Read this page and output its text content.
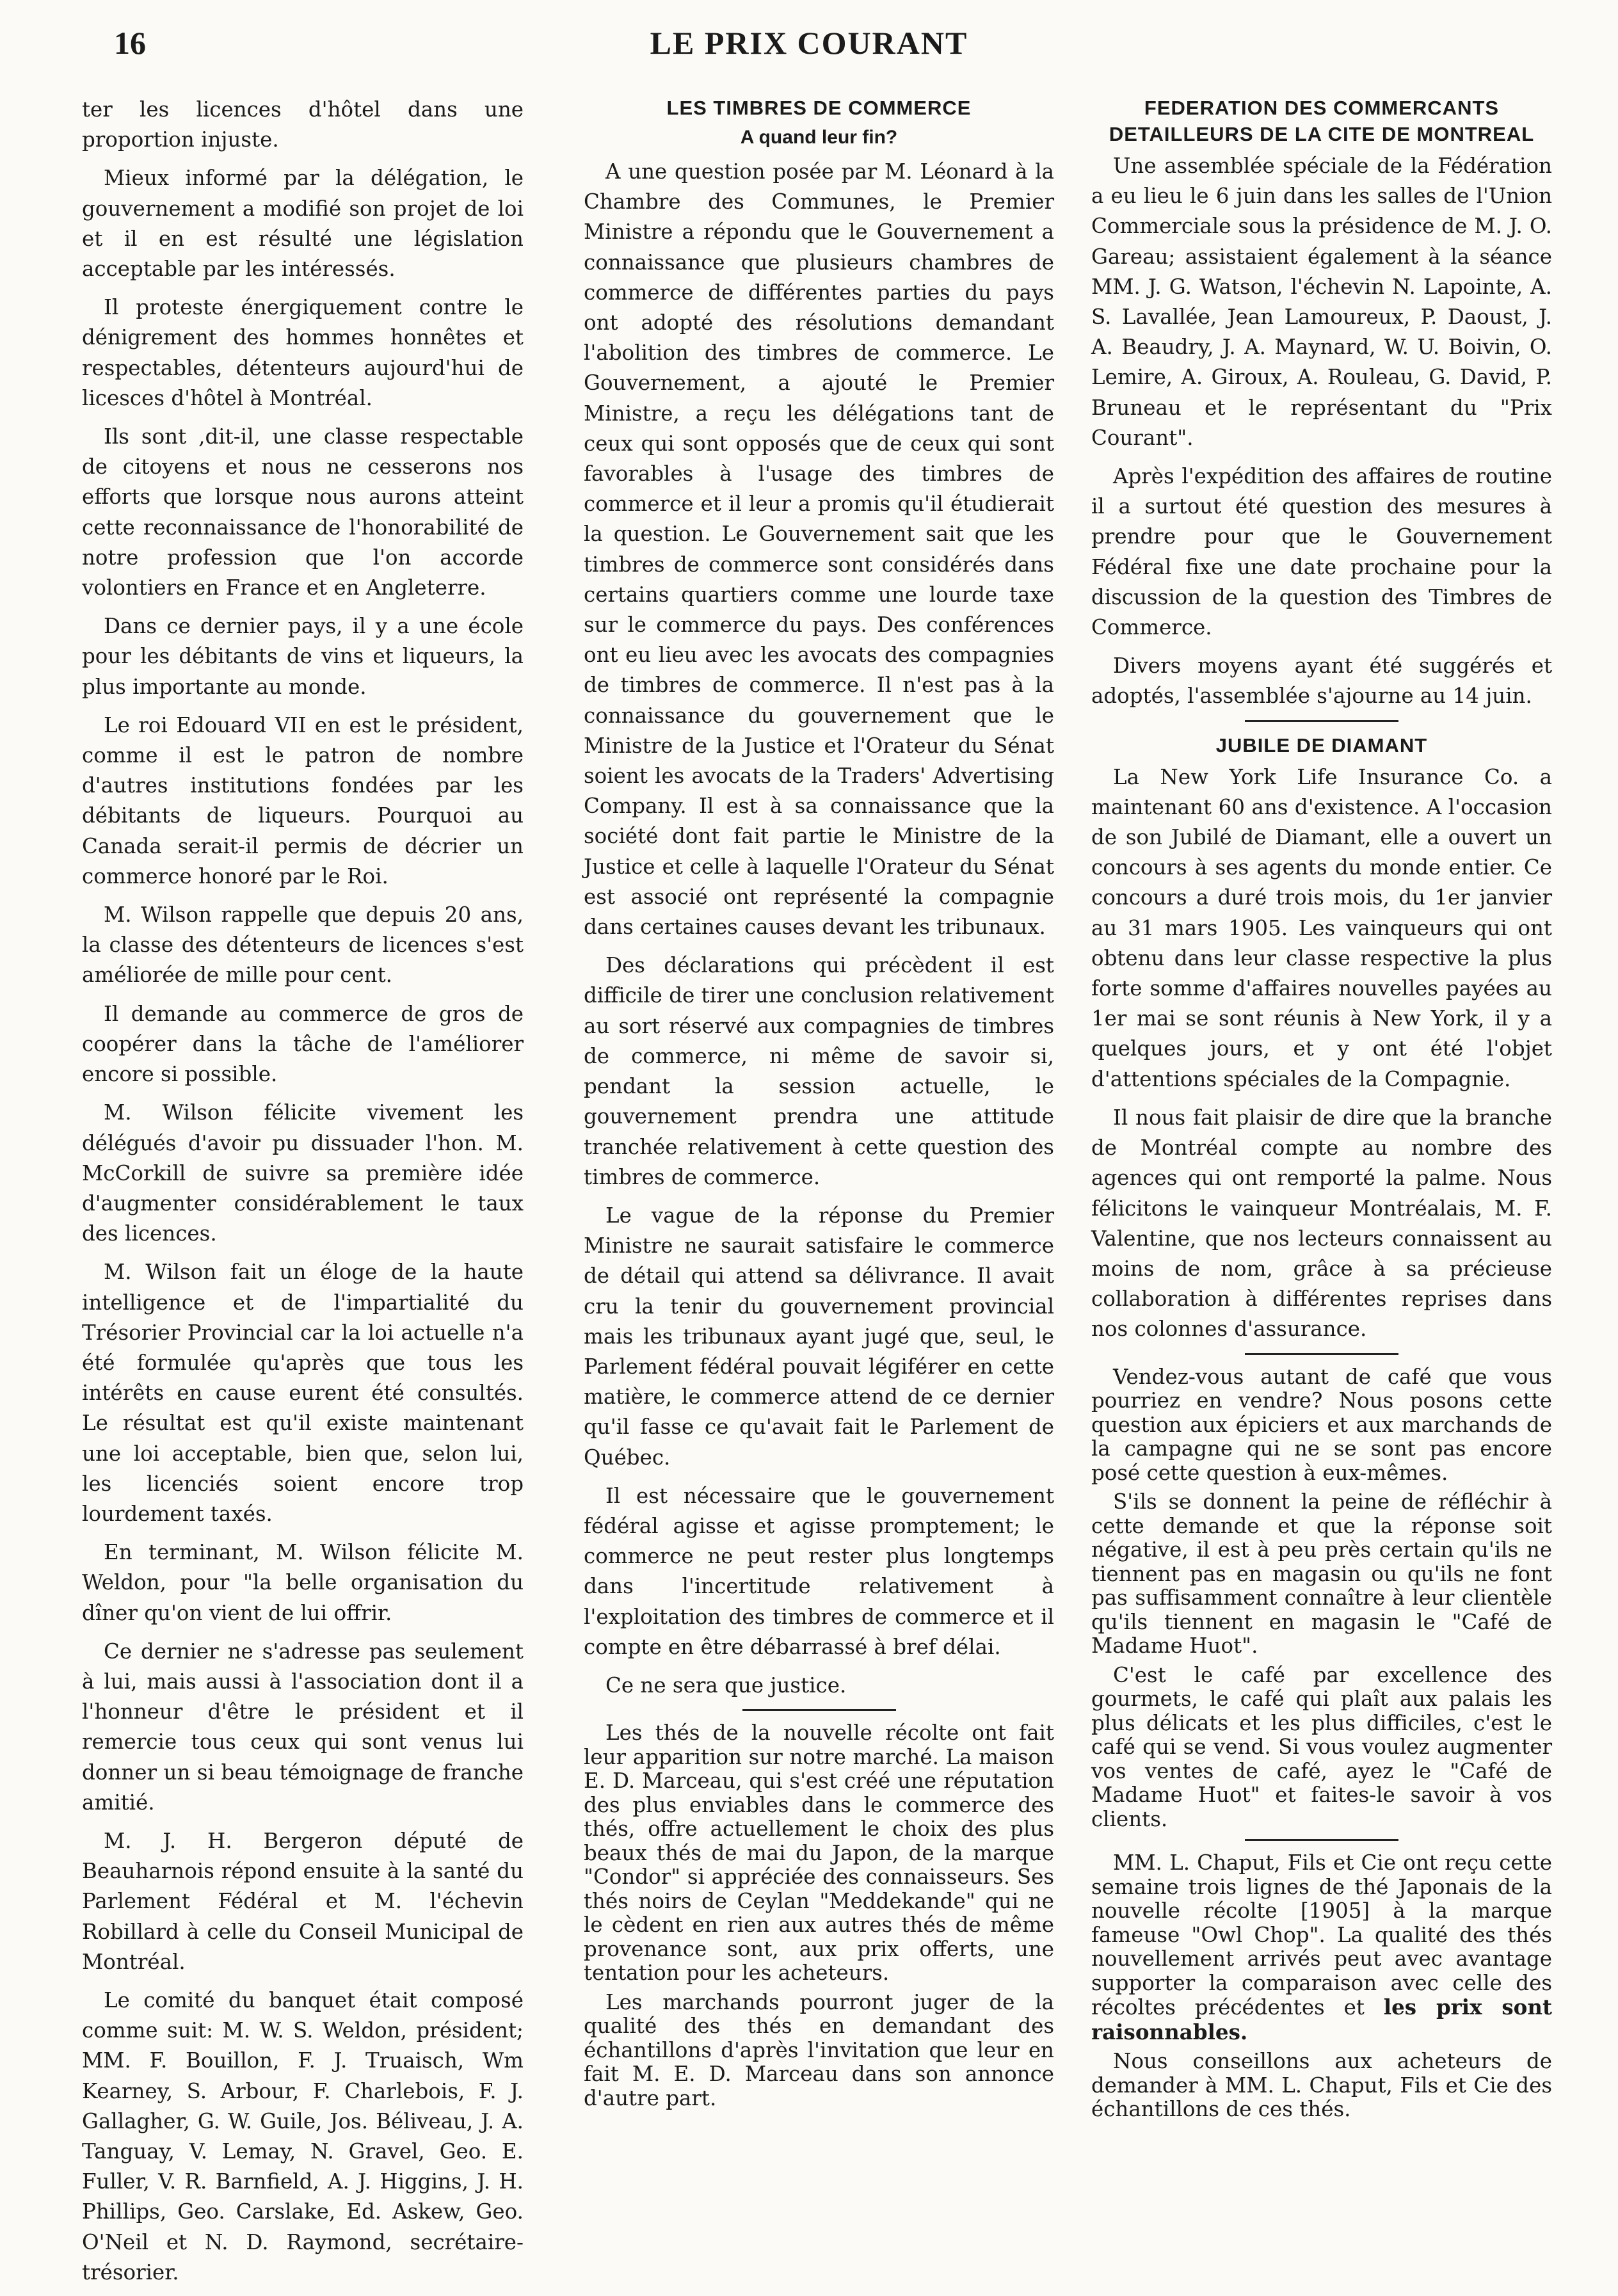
16	LE PRIX COURANT

ter les licences d'hôtel dans une proportion injuste.

Mieux informé par la délégation, le gouvernement a modifié son projet de loi et il en est résulté une législation acceptable par les intéressés.

Il proteste énergiquement contre le dénigrement des hommes honnêtes et respectables, détenteurs aujourd'hui de licesces d'hôtel à Montréal.

Ils sont ,dit-il, une classe respectable de citoyens et nous ne cesserons nos efforts que lorsque nous aurons atteint cette reconnaissance de l'honorabilité de notre profession que l'on accorde volontiers en France et en Angleterre.

Dans ce dernier pays, il y a une école pour les débitants de vins et liqueurs, la plus importante au monde.

Le roi Edouard VII en est le président, comme il est le patron de nombre d'autres institutions fondées par les débitants de liqueurs. Pourquoi au Canada serait-il permis de décrier un commerce honoré par le Roi.

M. Wilson rappelle que depuis 20 ans, la classe des détenteurs de licences s'est améliorée de mille pour cent.

Il demande au commerce de gros de coopérer dans la tâche de l'améliorer encore si possible.

M. Wilson félicite vivement les délégués d'avoir pu dissuader l'hon. M. McCorkill de suivre sa première idée d'augmenter considérablement le taux des licences.

M. Wilson fait un éloge de la haute intelligence et de l'impartialité du Trésorier Provincial car la loi actuelle n'a été formulée qu'après que tous les intérêts en cause eurent été consultés. Le résultat est qu'il existe maintenant une loi acceptable, bien que, selon lui, les licenciés soient encore trop lourdement taxés.

En terminant, M. Wilson félicite M. Weldon, pour "la belle organisation du dîner qu'on vient de lui offrir.

Ce dernier ne s'adresse pas seulement à lui, mais aussi à l'association dont il a l'honneur d'être le président et il remercie tous ceux qui sont venus lui donner un si beau témoignage de franche amitié.

M. J. H. Bergeron député de Beauharnois répond ensuite à la santé du Parlement Fédéral et M. l'échevin Robillard à celle du Conseil Municipal de Montréal.

Le comité du banquet était composé comme suit: M. W. S. Weldon, président; MM. F. Bouillon, F. J. Truaisch, Wm Kearney, S. Arbour, F. Charlebois, F. J. Gallagher, G. W. Guile, Jos. Béliveau, J. A. Tanguay, V. Lemay, N. Gravel, Geo. E. Fuller, V. R. Barnfield, A. J. Higgins, J. H. Phillips, Geo. Carslake, Ed. Askew, Geo. O'Neil et N. D. Raymond, secrétaire-trésorier.

LES TIMBRES DE COMMERCE
A quand leur fin?

A une question posée par M. Léonard à la Chambre des Communes, le Premier Ministre a répondu que le Gouvernement a connaissance que plusieurs chambres de commerce de différentes parties du pays ont adopté des résolutions demandant l'abolition des timbres de commerce. Le Gouvernement, a ajouté le Premier Ministre, a reçu les délégations tant de ceux qui sont opposés que de ceux qui sont favorables à l'usage des timbres de commerce et il leur a promis qu'il étudierait la question. Le Gouvernement sait que les timbres de commerce sont considérés dans certains quartiers comme une lourde taxe sur le commerce du pays. Des conférences ont eu lieu avec les avocats des compagnies de timbres de commerce. Il n'est pas à la connaissance du gouvernement que le Ministre de la Justice et l'Orateur du Sénat soient les avocats de la Traders' Advertising Company. Il est à sa connaissance que la société dont fait partie le Ministre de la Justice et celle à laquelle l'Orateur du Sénat est associé ont représenté la compagnie dans certaines causes devant les tribunaux.

Des déclarations qui précèdent il est difficile de tirer une conclusion relativement au sort réservé aux compagnies de timbres de commerce, ni même de savoir si, pendant la session actuelle, le gouvernement prendra une attitude tranchée relativement à cette question des timbres de commerce.

Le vague de la réponse du Premier Ministre ne saurait satisfaire le commerce de détail qui attend sa délivrance. Il avait cru la tenir du gouvernement provincial mais les tribunaux ayant jugé que, seul, le Parlement fédéral pouvait légiférer en cette matière, le commerce attend de ce dernier qu'il fasse ce qu'avait fait le Parlement de Québec.

Il est nécessaire que le gouvernement fédéral agisse et agisse promptement; le commerce ne peut rester plus longtemps dans l'incertitude relativement à l'exploitation des timbres de commerce et il compte en être débarrassé à bref délai.

Ce ne sera que justice.

Les thés de la nouvelle récolte ont fait leur apparition sur notre marché. La maison E. D. Marceau, qui s'est créé une réputation des plus enviables dans le commerce des thés, offre actuellement le choix des plus beaux thés de mai du Japon, de la marque "Condor" si appréciée des connaisseurs. Ses thés noirs de Ceylan "Meddekande" qui ne le cèdent en rien aux autres thés de même provenance sont, aux prix offerts, une tentation pour les acheteurs.

Les marchands pourront juger de la qualité des thés en demandant des échantillons d'après l'invitation que leur en fait M. E. D. Marceau dans son annonce d'autre part.

FEDERATION DES COMMERCANTS DETAILLEURS DE LA CITE DE MONTREAL

Une assemblée spéciale de la Fédération a eu lieu le 6 juin dans les salles de l'Union Commerciale sous la présidence de M. J. O. Gareau; assistaient également à la séance MM. J. G. Watson, l'échevin N. Lapointe, A. S. Lavallée, Jean Lamoureux, P. Daoust, J. A. Beaudry, J. A. Maynard, W. U. Boivin, O. Lemire, A. Giroux, A. Rouleau, G. David, P. Bruneau et le représentant du "Prix Courant".

Après l'expédition des affaires de routine il a surtout été question des mesures à prendre pour que le Gouvernement Fédéral fixe une date prochaine pour la discussion de la question des Timbres de Commerce.

Divers moyens ayant été suggérés et adoptés, l'assemblée s'ajourne au 14 juin.

JUBILE DE DIAMANT

La New York Life Insurance Co. a maintenant 60 ans d'existence. A l'occasion de son Jubilé de Diamant, elle a ouvert un concours à ses agents du monde entier. Ce concours a duré trois mois, du 1er janvier au 31 mars 1905. Les vainqueurs qui ont obtenu dans leur classe respective la plus forte somme d'affaires nouvelles payées au 1er mai se sont réunis à New York, il y a quelques jours, et y ont été l'objet d'attentions spéciales de la Compagnie.

Il nous fait plaisir de dire que la branche de Montréal compte au nombre des agences qui ont remporté la palme. Nous félicitons le vainqueur Montréalais, M. F. Valentine, que nos lecteurs connaissent au moins de nom, grâce à sa précieuse collaboration à différentes reprises dans nos colonnes d'assurance.

Vendez-vous autant de café que vous pourriez en vendre? Nous posons cette question aux épiciers et aux marchands de la campagne qui ne se sont pas encore posé cette question à eux-mêmes.

S'ils se donnent la peine de réfléchir à cette demande et que la réponse soit négative, il est à peu près certain qu'ils ne tiennent pas en magasin ou qu'ils ne font pas suffisamment connaître à leur clientèle qu'ils tiennent en magasin le "Café de Madame Huot".

C'est le café par excellence des gourmets, le café qui plaît aux palais les plus délicats et les plus difficiles, c'est le café qui se vend. Si vous voulez augmenter vos ventes de café, ayez le "Café de Madame Huot" et faites-le savoir à vos clients.

MM. L. Chaput, Fils et Cie ont reçu cette semaine trois lignes de thé Japonais de la nouvelle récolte [1905] à la marque fameuse "Owl Chop". La qualité des thés nouvellement arrivés peut avec avantage supporter la comparaison avec celle des récoltes précédentes et les prix sont raisonnables.

Nous conseillons aux acheteurs de demander à MM. L. Chaput, Fils et Cie des échantillons de ces thés.
